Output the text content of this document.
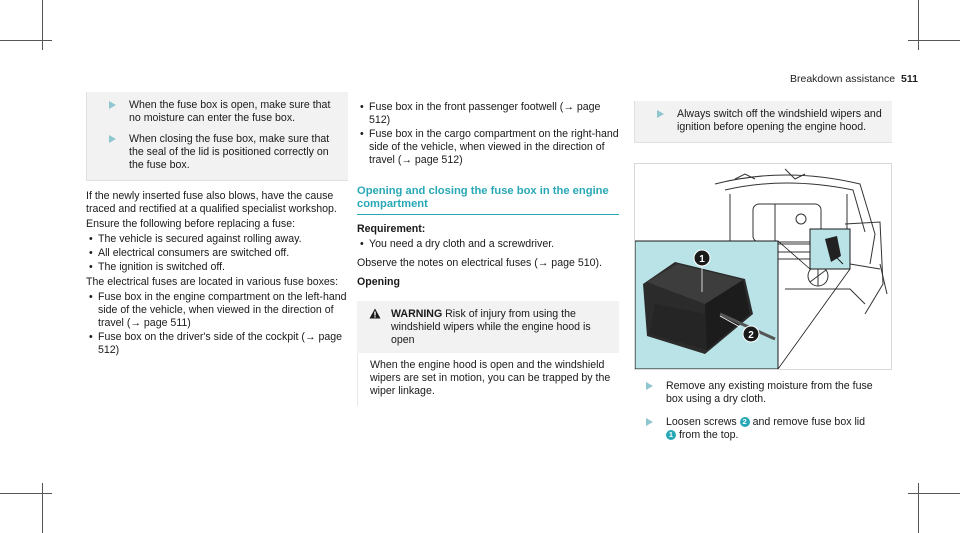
Breakdown assistance 511
When the fuse box is open, make sure that no moisture can enter the fuse box.
When closing the fuse box, make sure that the seal of the lid is positioned correctly on the fuse box.

If the newly inserted fuse also blows, have the cause traced and rectified at a qualified specialist workshop.

Ensure the following before replacing a fuse:

• The vehicle is secured against rolling away.
• All electrical consumers are switched off.
• The ignition is switched off.

The electrical fuses are located in various fuse boxes:

• Fuse box in the engine compartment on the left-hand side of the vehicle, when viewed in the direction of travel (→ page 511)
• Fuse box on the driver's side of the cockpit (→ page 512)
• Fuse box in the front passenger footwell (→ page 512)
• Fuse box in the cargo compartment on the right-hand side of the vehicle, when viewed in the direction of travel (→ page 512)
Opening and closing the fuse box in the engine compartment

Requirement:

• You need a dry cloth and a screwdriver.

Observe the notes on electrical fuses (→ page 510).

Opening

WARNING Risk of injury from using the windshield wipers while the engine hood is open
When the engine hood is open and the windshield wipers are set in motion, you can be trapped by the wiper linkage.
Always switch off the windshield wipers and ignition before opening the engine hood.
1
2
Remove any existing moisture from the fuse box using a dry cloth.
Loosen screws 2 and remove fuse box lid
1 from the top.
